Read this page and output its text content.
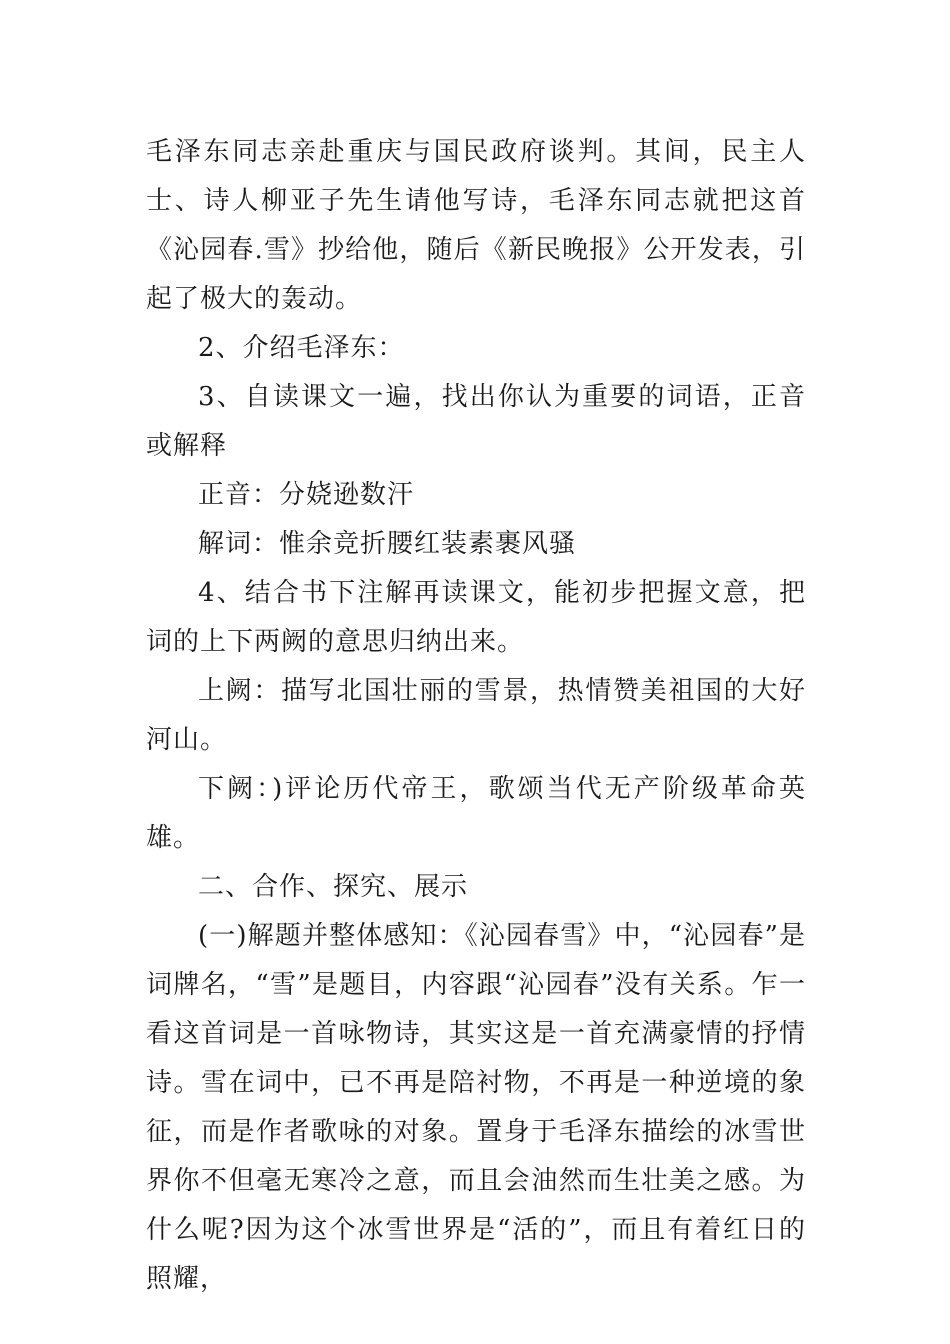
毛泽东同志亲赴重庆与国民政府谈判。其间，民主人士、诗人柳亚子先生请他写诗，毛泽东同志就把这首《沁园春.雪》抄给他，随后《新民晚报》公开发表，引起了极大的轰动。

2、介绍毛泽东：

3、自读课文一遍，找出你认为重要的词语，正音或解释

正音：分娆逊数汗

解词：惟余竞折腰红装素裹风骚

4、结合书下注解再读课文，能初步把握文意，把词的上下两阙的意思归纳出来。

上阙：描写北国壮丽的雪景，热情赞美祖国的大好河山。

下阙：)评论历代帝王，歌颂当代无产阶级革命英雄。

二、合作、探究、展示

(一)解题并整体感知：《沁园春雪》中，“沁园春”是词牌名，“雪”是题目，内容跟“沁园春”没有关系。乍一看这首词是一首咏物诗，其实这是一首充满豪情的抒情诗。雪在词中，已不再是陪衬物，不再是一种逆境的象征，而是作者歌咏的对象。置身于毛泽东描绘的冰雪世界你不但毫无寒冷之意，而且会油然而生壮美之感。为什么呢?因为这个冰雪世界是“活的”，而且有着红日的照耀，
